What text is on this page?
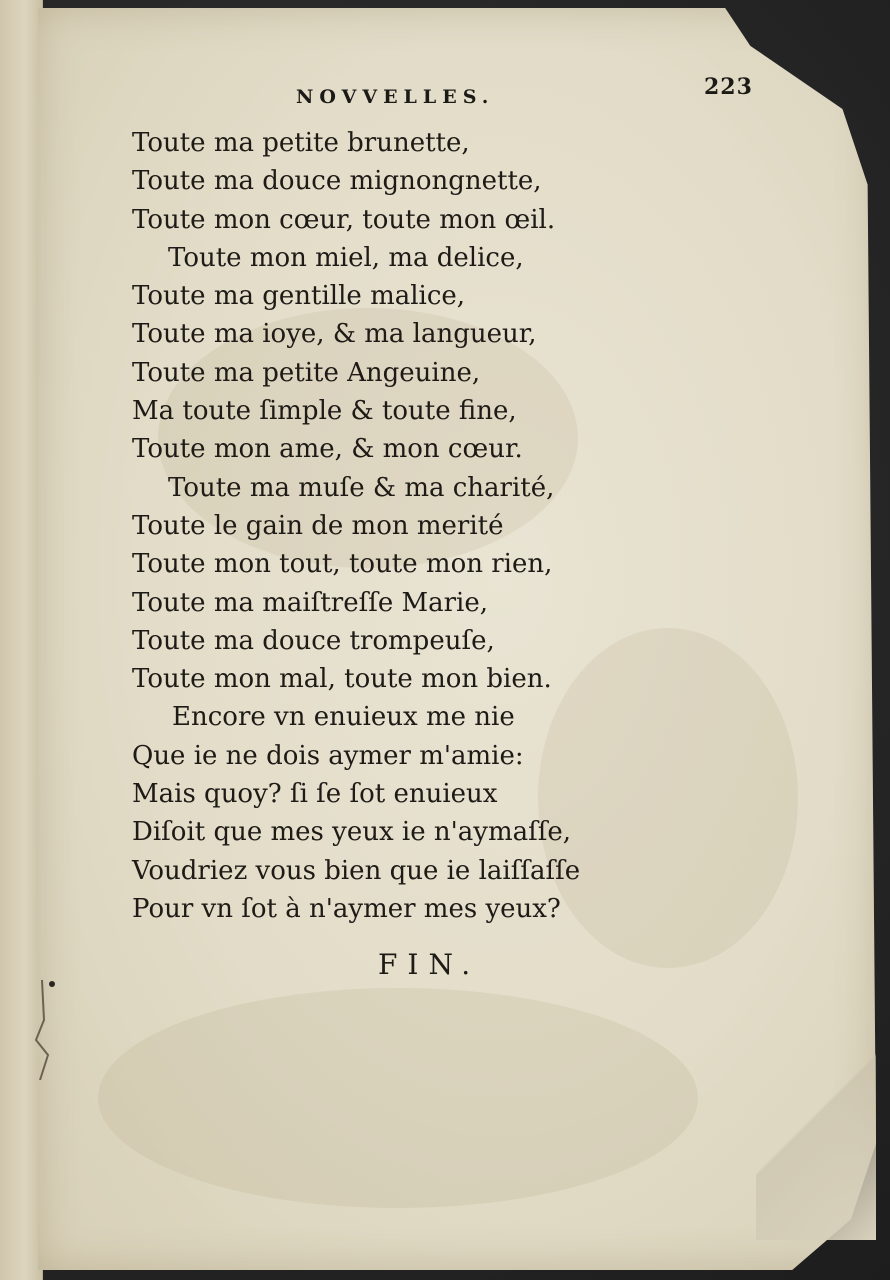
223
NOVVELLES.
Toute ma petite brunette,
Toute ma douce mignongnette,
Toute mon cœur, toute mon œil.
Toute mon miel, ma delice,
Toute ma gentille malice,
Toute ma ioye, & ma langueur,
Toute ma petite Angeuine,
Ma toute ſimple & toute fine,
Toute mon ame, & mon cœur.
Toute ma muſe & ma charité,
Toute le gain de mon merité
Toute mon tout, toute mon rien,
Toute ma maiſtreſſe Marie,
Toute ma douce trompeuſe,
Toute mon mal, toute mon bien.
Encore vn enuieux me nie
Que ie ne dois aymer m'amie:
Mais quoy? ſi ſe ſot enuieux
Diſoit que mes yeux ie n'aymaſſe,
Voudriez vous bien que ie laiſſaſſe
Pour vn ſot à n'aymer mes yeux?
FIN.
